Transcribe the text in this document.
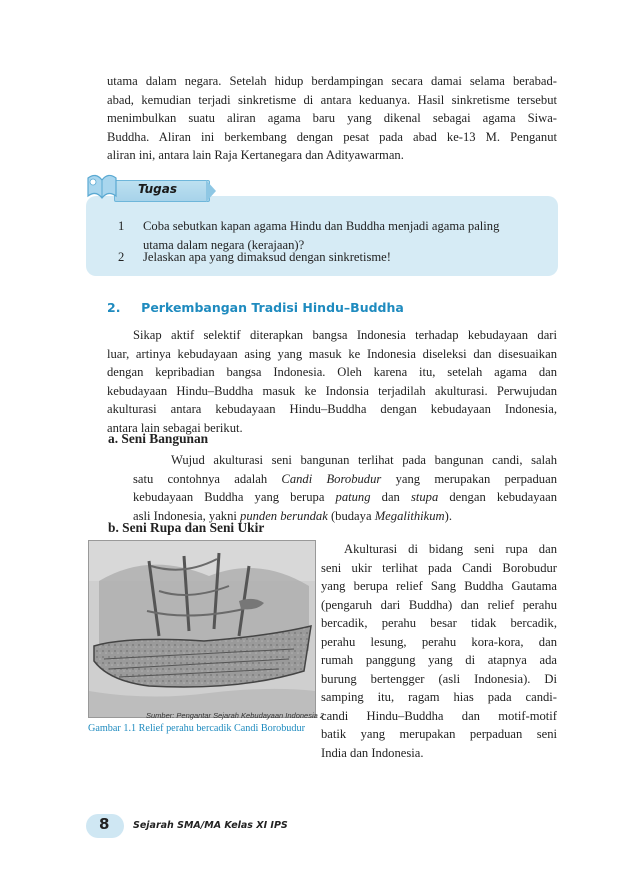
utama dalam negara. Setelah hidup berdampingan secara damai selama berabad-
abad, kemudian terjadi sinkretisme di antara keduanya. Hasil sinkretisme tersebut
menimbulkan suatu aliran agama baru yang dikenal sebagai agama Siwa-
Buddha. Aliran ini berkembang dengan pesat pada abad ke-13 M. Penganut
aliran ini, antara lain Raja Kertanegara dan Adityawarman.
Tugas
1 Coba sebutkan kapan agama Hindu dan Buddha menjadi agama paling
utama dalam negara (kerajaan)?
2 Jelaskan apa yang dimaksud dengan sinkretisme!
2. Perkembangan Tradisi Hindu–Buddha
Sikap aktif selektif diterapkan bangsa Indonesia terhadap kebudayaan dari
luar, artinya kebudayaan asing yang masuk ke Indonesia diseleksi dan disesuaikan
dengan kepribadian bangsa Indonesia. Oleh karena itu, setelah agama dan
kebudayaan Hindu–Buddha masuk ke Indonsia terjadilah akulturasi. Perwujudan
akulturasi antara kebudayaan Hindu–Buddha dengan kebudayaan Indonesia,
antara lain sebagai berikut.
a. Seni Bangunan
Wujud akulturasi seni bangunan terlihat pada bangunan candi, salah
satu contohnya adalah Candi Borobudur yang merupakan perpaduan
kebudayaan Buddha yang berupa patung dan stupa dengan kebudayaan
asli Indonesia, yakni punden berundak (budaya Megalithikum).
b. Seni Rupa dan Seni Ukir
Sumber: Pengantar Sejarah Kebudayaan Indonesia 2
Gambar 1.1 Relief perahu bercadik Candi Borobudur
Akulturasi di bidang seni rupa dan
seni ukir terlihat pada Candi Borobudur
yang berupa relief Sang Buddha Gautama
(pengaruh dari Buddha) dan relief perahu
bercadik, perahu besar tidak bercadik,
perahu lesung, perahu kora-kora, dan
rumah panggung yang di atapnya ada
burung bertengger (asli Indonesia). Di
samping itu, ragam hias pada candi-
candi Hindu–Buddha dan motif-motif
batik yang merupakan perpaduan seni
India dan Indonesia.
8 Sejarah SMA/MA Kelas XI IPS
